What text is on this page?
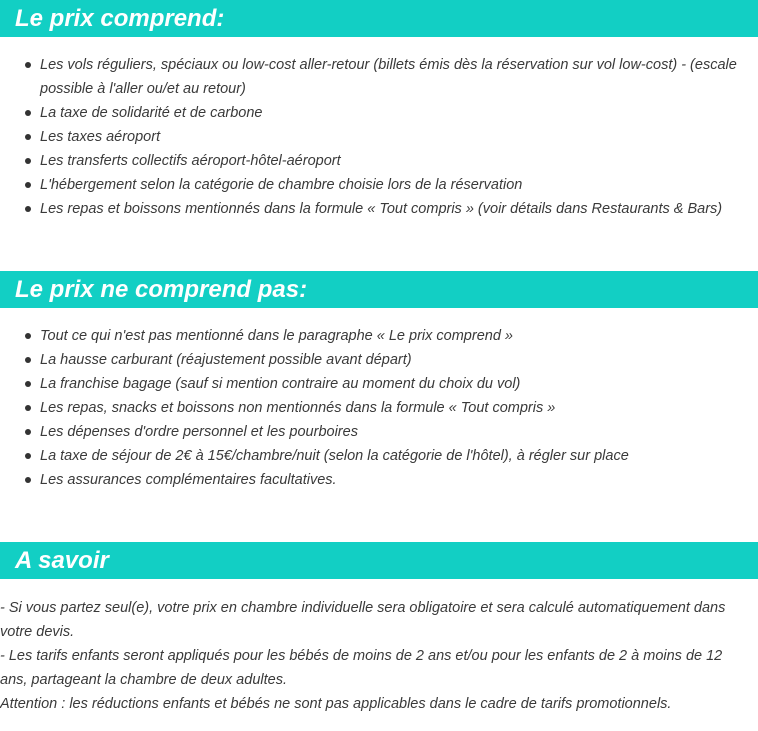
Le prix comprend:
Les vols réguliers, spéciaux ou low-cost aller-retour (billets émis dès la réservation sur vol low-cost) - (escale possible à l'aller ou/et au retour)
La taxe de solidarité et de carbone
Les taxes aéroport
Les transferts collectifs aéroport-hôtel-aéroport
L'hébergement selon la catégorie de chambre choisie lors de la réservation
Les repas et boissons mentionnés dans la formule « Tout compris » (voir détails dans Restaurants & Bars)
Le prix ne comprend pas:
Tout ce qui n'est pas mentionné dans le paragraphe « Le prix comprend »
La hausse carburant (réajustement possible avant départ)
La franchise bagage (sauf si mention contraire au moment du choix du vol)
Les repas, snacks et boissons non mentionnés dans la formule « Tout compris »
Les dépenses d'ordre personnel et les pourboires
La taxe de séjour de 2€ à 15€/chambre/nuit (selon la catégorie de l'hôtel), à régler sur place
Les assurances complémentaires facultatives.
A savoir

- Si vous partez seul(e), votre prix en chambre individuelle sera obligatoire et sera calculé automatiquement dans votre devis.

- Les tarifs enfants seront appliqués pour les bébés de moins de 2 ans et/ou pour les enfants de 2 à moins de 12 ans, partageant la chambre de deux adultes.

Attention : les réductions enfants et bébés ne sont pas applicables dans le cadre de tarifs promotionnels.
